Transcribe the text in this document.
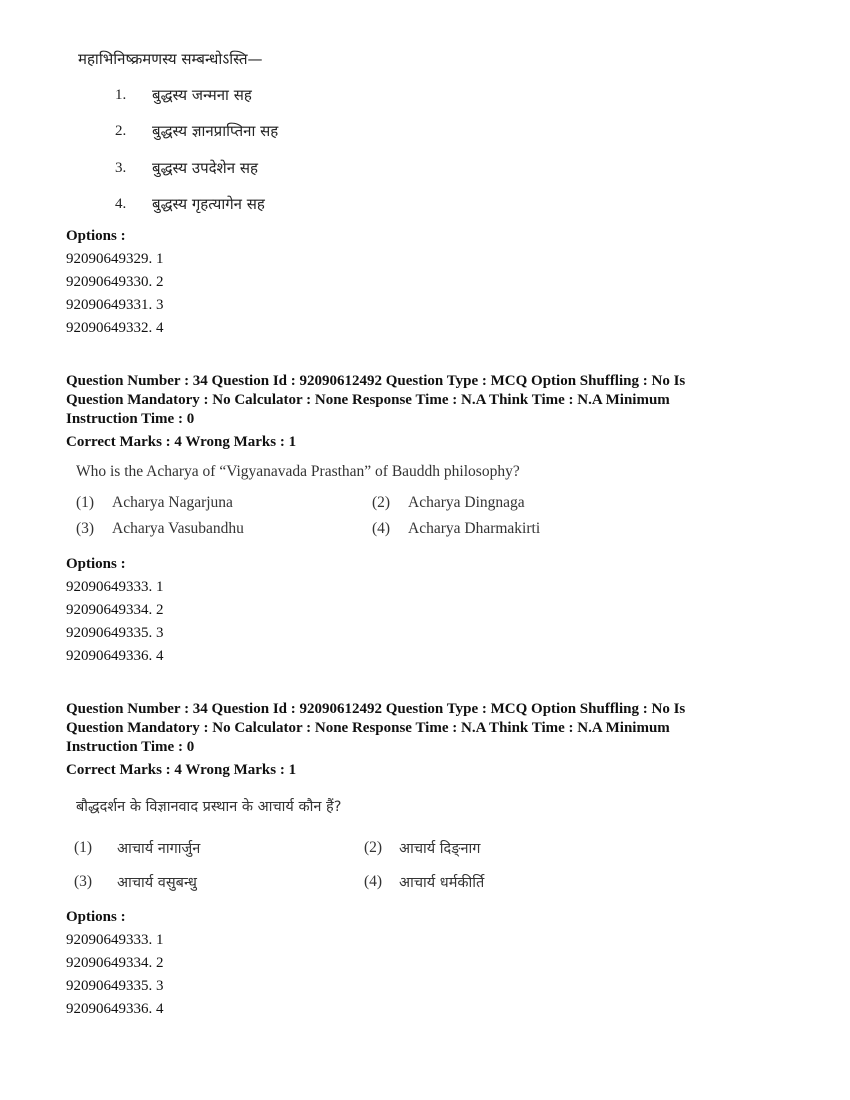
महाभिनिष्क्रमणस्य सम्बन्धोऽस्ति—
1. बुद्धस्य जन्मना सह
2. बुद्धस्य ज्ञानप्राप्तिना सह
3. बुद्धस्य उपदेशेन सह
4. बुद्धस्य गृहत्यागेन सह
Options :
92090649329. 1
92090649330. 2
92090649331. 3
92090649332. 4
Question Number : 34 Question Id : 92090612492 Question Type : MCQ Option Shuffling : No Is
Question Mandatory : No Calculator : None Response Time : N.A Think Time : N.A Minimum
Instruction Time : 0
Correct Marks : 4 Wrong Marks : 1
Who is the Acharya of “Vigyanavada Prasthan” of Bauddh philosophy?
(1) Acharya Nagarjuna	(2) Acharya Dingnaga
(3) Acharya Vasubandhu	(4) Acharya Dharmakirti
Options :
92090649333. 1
92090649334. 2
92090649335. 3
92090649336. 4
Question Number : 34 Question Id : 92090612492 Question Type : MCQ Option Shuffling : No Is
Question Mandatory : No Calculator : None Response Time : N.A Think Time : N.A Minimum
Instruction Time : 0
Correct Marks : 4 Wrong Marks : 1
बौद्धदर्शन के विज्ञानवाद प्रस्थान के आचार्य कौन हैं?
(1) आचार्य नागार्जुन	(2) आचार्य दिङ्नाग
(3) आचार्य वसुबन्धु	(4) आचार्य धर्मकीर्ति
Options :
92090649333. 1
92090649334. 2
92090649335. 3
92090649336. 4
